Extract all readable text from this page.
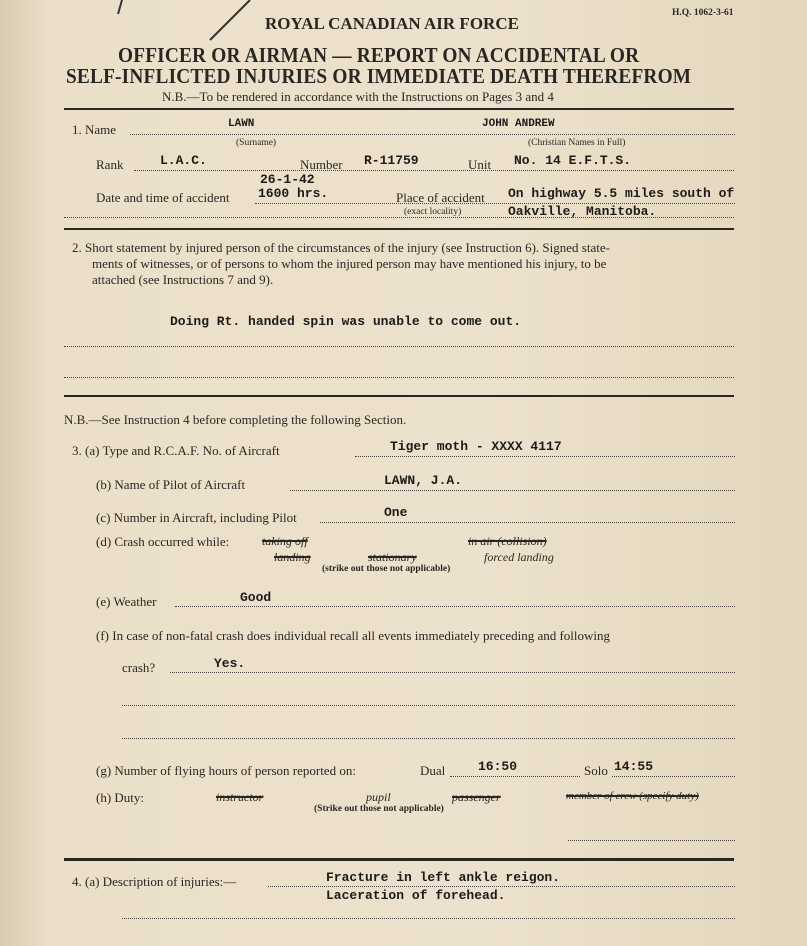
H.Q. 1062-3-61
ROYAL CANADIAN AIR FORCE
OFFICER OR AIRMAN — REPORT ON ACCIDENTAL OR
SELF-INFLICTED INJURIES OR IMMEDIATE DEATH THEREFROM
N.B.—To be rendered in accordance with the Instructions on Pages 3 and 4
1. Name	LAWN	JOHN ANDREW
(Surname)	(Christian Names in Full)
Rank	L.A.C.	Number R-11759	Unit No. 14 E.F.T.S.
26-1-42
Date and time of accident 1600 hrs.	Place of accident On highway 5.5 miles south of
(exact locality)	Oakville, Manitoba.
2. Short statement by injured person of the circumstances of the injury (see Instruction 6). Signed state-
ments of witnesses, or of persons to whom the injured person may have mentioned his injury, to be
attached (see Instructions 7 and 9).
Doing Rt. handed spin was unable to come out.
N.B.—See Instruction 4 before completing the following Section.
3. (a) Type and R.C.A.F. No. of Aircraft	Tiger moth - XXXX 4117
(b) Name of Pilot of Aircraft	LAWN, J.A.
(c) Number in Aircraft, including Pilot	One
(d) Crash occurred while:	taking off	in air (collision)
landing	stationary	forced landing
(strike out those not applicable)
(e) Weather	Good
(f) In case of non-fatal crash does individual recall all events immediately preceding and following
crash?	Yes.
(g) Number of flying hours of person reported on:	Dual	16:50	Solo 14:55
(h) Duty:	instructor	pupil	passenger	member of crew (specify duty)
(Strike out those not applicable)
4. (a) Description of injuries:—	Fracture in left ankle reigon.
Laceration of forehead.
